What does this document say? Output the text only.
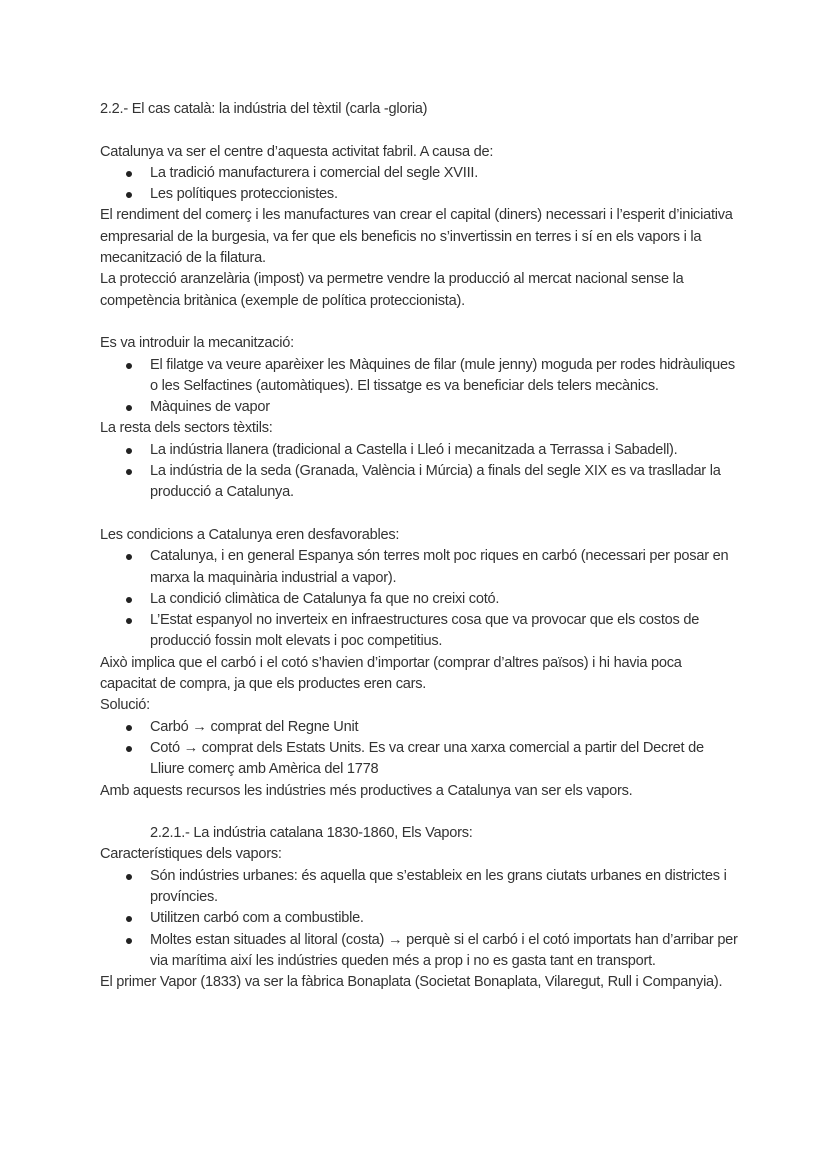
2.2.- El cas català: la indústria del tèxtil (carla -gloria)

Catalunya va ser el centre d’aquesta activitat fabril. A causa de:

La tradició manufacturera i comercial del segle XVIII.
Les polítiques proteccionistes.

El rendiment del comerç i les manufactures van crear el capital (diners) necessari i l’esperit d’iniciativa empresarial de la burgesia, va fer que els beneficis no s’invertissin en terres i sí en els vapors i la mecanització de la filatura.

La protecció aranzelària (impost) va permetre vendre la producció al mercat nacional sense la competència britànica (exemple de política proteccionista).

Es va introduir la mecanització:

El filatge va veure aparèixer les Màquines de filar (mule jenny) moguda per rodes hidràuliques o les Selfactines (automàtiques). El tissatge es va beneficiar dels telers mecànics.
Màquines de vapor

La resta dels sectors tèxtils:

La indústria llanera (tradicional a Castella i Lleó i mecanitzada a Terrassa i Sabadell).
La indústria de la seda (Granada, València i Múrcia) a finals del segle XIX es va traslladar la producció a Catalunya.

Les condicions a Catalunya eren desfavorables:

Catalunya, i en general Espanya són terres molt poc riques en carbó (necessari per posar en marxa la maquinària industrial a vapor).
La condició climàtica de Catalunya fa que no creixi cotó.
L’Estat espanyol no inverteix en infraestructures cosa que va provocar que els costos de producció fossin molt elevats i poc competitius.

Això implica que el carbó i el cotó s’havien d’importar (comprar d’altres països) i hi havia poca capacitat de compra, ja que els productes eren cars.

Solució:

Carbó → comprat del Regne Unit
Cotó → comprat dels Estats Units. Es va crear una xarxa comercial a partir del Decret de Lliure comerç amb Amèrica del 1778

Amb aquests recursos les indústries més productives a Catalunya van ser els vapors.

2.2.1.- La indústria catalana 1830-1860, Els Vapors:

Característiques dels vapors:

Són indústries urbanes: és aquella que s’estableix en les grans ciutats urbanes en districtes i províncies.
Utilitzen carbó com a combustible.
Moltes estan situades al litoral (costa) → perquè si el carbó i el cotó importats han d’arribar per via marítima així les indústries queden més a prop i no es gasta tant en transport.

El primer Vapor (1833) va ser la fàbrica Bonaplata (Societat Bonaplata, Vilaregut, Rull i Companyia).
